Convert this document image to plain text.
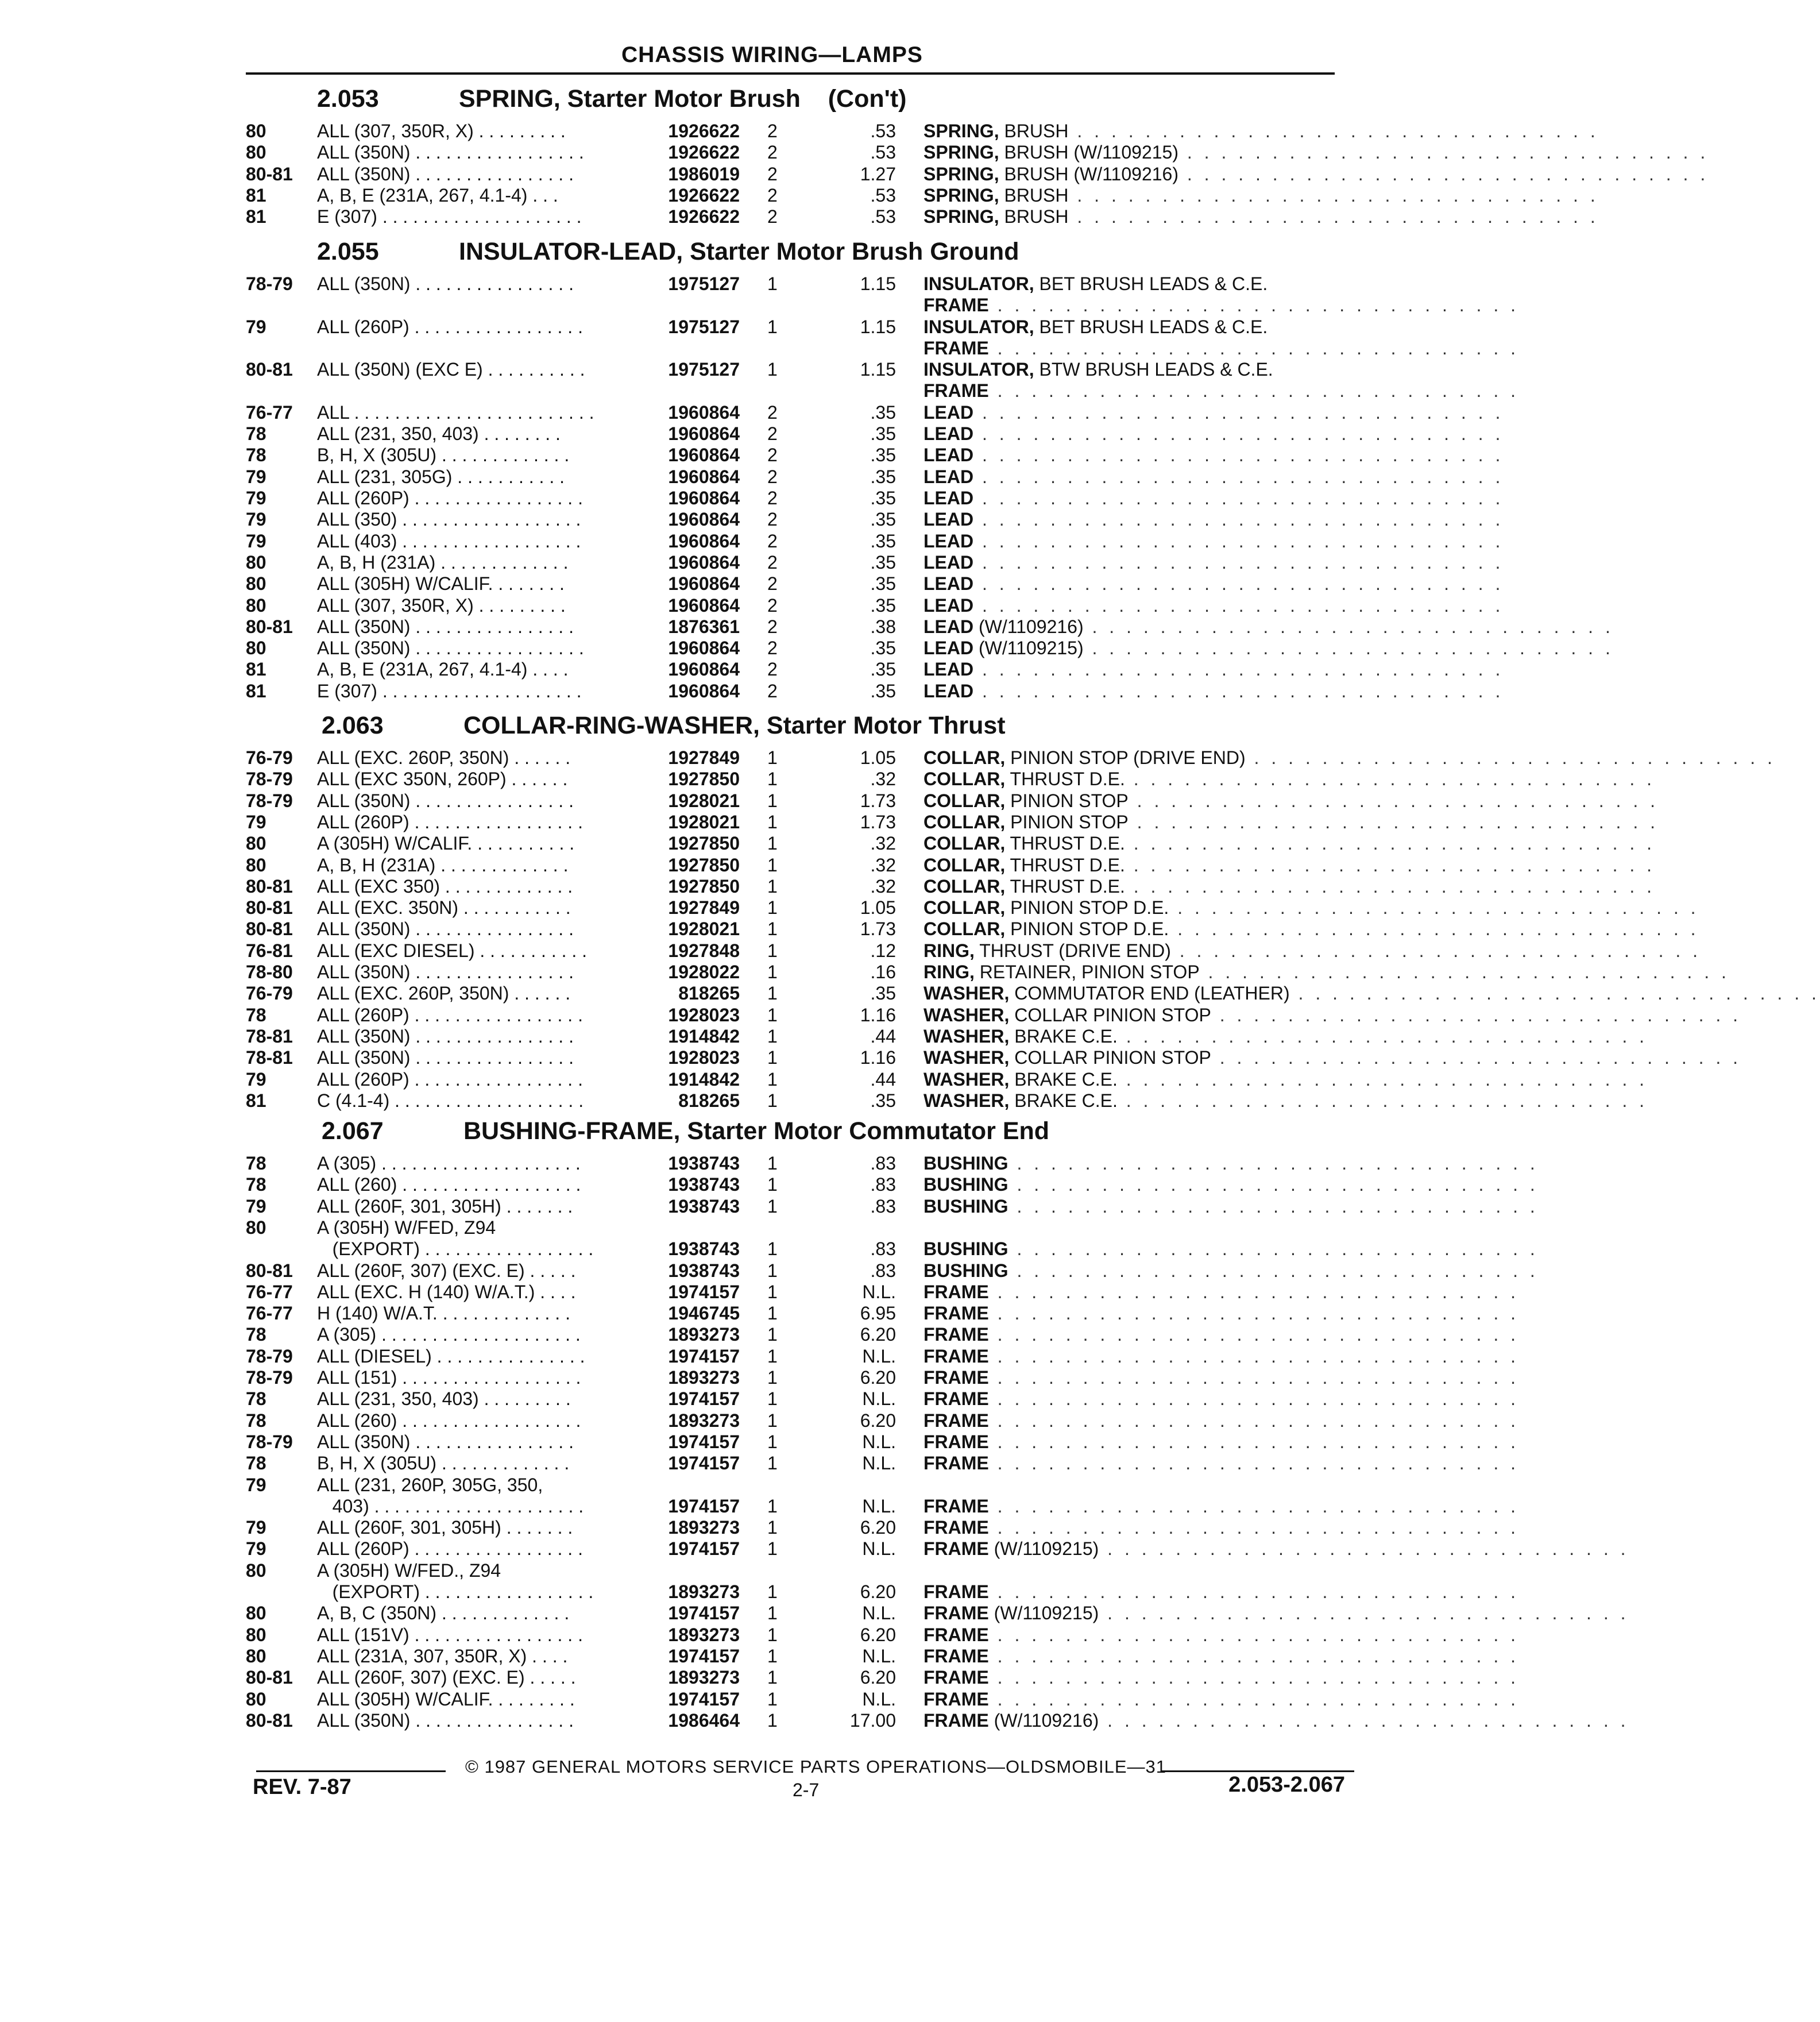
CHASSIS WIRING—LAMPS
2.053	SPRING, Starter Motor Brush    (Con't)
80	ALL (307, 350R, X) . . . . . . . . .	1926622 2	.53 SPRING, BRUSH . . . . . . . . . . . . . . . . . . . . . . . . . . . . . . .
80	ALL (350N) . . . . . . . . . . . . . . . . .	1926622 2	.53 SPRING, BRUSH (W/1109215) . . . . . . . . . . . . . . . . . . . . . . . . . . . . . . .
80-81 ALL (350N) . . . . . . . . . . . . . . . .	1986019 2	1.27 SPRING, BRUSH (W/1109216) . . . . . . . . . . . . . . . . . . . . . . . . . . . . . . .
81	A, B, E (231A, 267, 4.1-4) . . .	1926622 2	.53 SPRING, BRUSH . . . . . . . . . . . . . . . . . . . . . . . . . . . . . . .
81	E (307) . . . . . . . . . . . . . . . . . . . .	1926622 2	.53 SPRING, BRUSH . . . . . . . . . . . . . . . . . . . . . . . . . . . . . . .
2.055	INSULATOR-LEAD, Starter Motor Brush Ground
78-79 ALL (350N) . . . . . . . . . . . . . . . .	1975127 1	1.15 INSULATOR, BET BRUSH LEADS & C.E.
FRAME . . . . . . . . . . . . . . . . . . . . . . . . . . . . . . .
79	ALL (260P) . . . . . . . . . . . . . . . . .	1975127 1	1.15 INSULATOR, BET BRUSH LEADS & C.E.
FRAME . . . . . . . . . . . . . . . . . . . . . . . . . . . . . . .
80-81 ALL (350N) (EXC E) . . . . . . . . . .	1975127 1	1.15 INSULATOR, BTW BRUSH LEADS & C.E.
FRAME . . . . . . . . . . . . . . . . . . . . . . . . . . . . . . .
76-77 ALL . . . . . . . . . . . . . . . . . . . . . . . .	1960864 2	.35 LEAD . . . . . . . . . . . . . . . . . . . . . . . . . . . . . . .
78	ALL (231, 350, 403) . . . . . . . .	1960864 2	.35 LEAD . . . . . . . . . . . . . . . . . . . . . . . . . . . . . . .
78	B, H, X (305U) . . . . . . . . . . . . .	1960864 2	.35 LEAD . . . . . . . . . . . . . . . . . . . . . . . . . . . . . . .
79	ALL (231, 305G) . . . . . . . . . . .	1960864 2	.35 LEAD . . . . . . . . . . . . . . . . . . . . . . . . . . . . . . .
79	ALL (260P) . . . . . . . . . . . . . . . . .	1960864 2	.35 LEAD . . . . . . . . . . . . . . . . . . . . . . . . . . . . . . .
79	ALL (350) . . . . . . . . . . . . . . . . . .	1960864 2	.35 LEAD . . . . . . . . . . . . . . . . . . . . . . . . . . . . . . .
79	ALL (403) . . . . . . . . . . . . . . . . . .	1960864 2	.35 LEAD . . . . . . . . . . . . . . . . . . . . . . . . . . . . . . .
80	A, B, H (231A) . . . . . . . . . . . . .	1960864 2	.35 LEAD . . . . . . . . . . . . . . . . . . . . . . . . . . . . . . .
80	ALL (305H) W/CALIF. . . . . . . .	1960864 2	.35 LEAD . . . . . . . . . . . . . . . . . . . . . . . . . . . . . . .
80	ALL (307, 350R, X) . . . . . . . . .	1960864 2	.35 LEAD . . . . . . . . . . . . . . . . . . . . . . . . . . . . . . .
80-81 ALL (350N) . . . . . . . . . . . . . . . .	1876361 2	.38 LEAD (W/1109216) . . . . . . . . . . . . . . . . . . . . . . . . . . . . . . .
80	ALL (350N) . . . . . . . . . . . . . . . . .	1960864 2	.35 LEAD (W/1109215) . . . . . . . . . . . . . . . . . . . . . . . . . . . . . . .
81	A, B, E (231A, 267, 4.1-4) . . . .	1960864 2	.35 LEAD . . . . . . . . . . . . . . . . . . . . . . . . . . . . . . .
81	E (307) . . . . . . . . . . . . . . . . . . . .	1960864 2	.35 LEAD . . . . . . . . . . . . . . . . . . . . . . . . . . . . . . .
2.063	COLLAR-RING-WASHER, Starter Motor Thrust
76-79 ALL (EXC. 260P, 350N) . . . . . .	1927849 1	1.05 COLLAR, PINION STOP (DRIVE END) . . . . . . . . . . . . . . . . . . . . . . . . . . . . . . .
78-79 ALL (EXC 350N, 260P) . . . . . .	1927850 1	.32 COLLAR, THRUST D.E. . . . . . . . . . . . . . . . . . . . . . . . . . . . . . . .
78-79 ALL (350N) . . . . . . . . . . . . . . . .	1928021 1	1.73 COLLAR, PINION STOP . . . . . . . . . . . . . . . . . . . . . . . . . . . . . . .
79	ALL (260P) . . . . . . . . . . . . . . . . .	1928021 1	1.73 COLLAR, PINION STOP . . . . . . . . . . . . . . . . . . . . . . . . . . . . . . .
80	A (305H) W/CALIF. . . . . . . . . . .	1927850 1	.32 COLLAR, THRUST D.E. . . . . . . . . . . . . . . . . . . . . . . . . . . . . . . .
80	A, B, H (231A) . . . . . . . . . . . . .	1927850 1	.32 COLLAR, THRUST D.E. . . . . . . . . . . . . . . . . . . . . . . . . . . . . . . .
80-81 ALL (EXC 350) . . . . . . . . . . . . .	1927850 1	.32 COLLAR, THRUST D.E. . . . . . . . . . . . . . . . . . . . . . . . . . . . . . . .
80-81 ALL (EXC. 350N) . . . . . . . . . . .	1927849 1	1.05 COLLAR, PINION STOP D.E. . . . . . . . . . . . . . . . . . . . . . . . . . . . . . . .
80-81 ALL (350N) . . . . . . . . . . . . . . . .	1928021 1	1.73 COLLAR, PINION STOP D.E. . . . . . . . . . . . . . . . . . . . . . . . . . . . . . . .
76-81 ALL (EXC DIESEL) . . . . . . . . . . .	1927848 1	.12 RING, THRUST (DRIVE END) . . . . . . . . . . . . . . . . . . . . . . . . . . . . . . .
78-80 ALL (350N) . . . . . . . . . . . . . . . .	1928022 1	.16 RING, RETAINER, PINION STOP . . . . . . . . . . . . . . . . . . . . . . . . . . . . . . .
76-79 ALL (EXC. 260P, 350N) . . . . . .	818265 1	.35 WASHER, COMMUTATOR END (LEATHER) . . . . . . . . . . . . . . . . . . . . . . . . . . . . . . .
78	ALL (260P) . . . . . . . . . . . . . . . . .	1928023 1	1.16 WASHER, COLLAR PINION STOP . . . . . . . . . . . . . . . . . . . . . . . . . . . . . . .
78-81 ALL (350N) . . . . . . . . . . . . . . . .	1914842 1	.44 WASHER, BRAKE C.E. . . . . . . . . . . . . . . . . . . . . . . . . . . . . . . .
78-81 ALL (350N) . . . . . . . . . . . . . . . .	1928023 1	1.16 WASHER, COLLAR PINION STOP . . . . . . . . . . . . . . . . . . . . . . . . . . . . . . .
79	ALL (260P) . . . . . . . . . . . . . . . . .	1914842 1	.44 WASHER, BRAKE C.E. . . . . . . . . . . . . . . . . . . . . . . . . . . . . . . .
81	C (4.1-4) . . . . . . . . . . . . . . . . . . .	818265 1	.35 WASHER, BRAKE C.E. . . . . . . . . . . . . . . . . . . . . . . . . . . . . . . .
2.067	BUSHING-FRAME, Starter Motor Commutator End
78	A (305) . . . . . . . . . . . . . . . . . . . .	1938743 1	.83 BUSHING . . . . . . . . . . . . . . . . . . . . . . . . . . . . . . .
78	ALL (260) . . . . . . . . . . . . . . . . . .	1938743 1	.83 BUSHING . . . . . . . . . . . . . . . . . . . . . . . . . . . . . . .
79	ALL (260F, 301, 305H) . . . . . . .	1938743 1	.83 BUSHING . . . . . . . . . . . . . . . . . . . . . . . . . . . . . . .
80	A (305H) W/FED, Z94
(EXPORT) . . . . . . . . . . . . . . . . .	1938743 1	.83 BUSHING . . . . . . . . . . . . . . . . . . . . . . . . . . . . . . .
80-81 ALL (260F, 307) (EXC. E) . . . . .	1938743 1	.83 BUSHING . . . . . . . . . . . . . . . . . . . . . . . . . . . . . . .
76-77 ALL (EXC. H (140) W/A.T.) . . . .	1974157 1	N.L. FRAME . . . . . . . . . . . . . . . . . . . . . . . . . . . . . . .
76-77 H (140) W/A.T. . . . . . . . . . . . . .	1946745 1	6.95 FRAME . . . . . . . . . . . . . . . . . . . . . . . . . . . . . . .
78	A (305) . . . . . . . . . . . . . . . . . . . .	1893273 1	6.20 FRAME . . . . . . . . . . . . . . . . . . . . . . . . . . . . . . .
78-79 ALL (DIESEL) . . . . . . . . . . . . . . .	1974157 1	N.L. FRAME . . . . . . . . . . . . . . . . . . . . . . . . . . . . . . .
78-79 ALL (151) . . . . . . . . . . . . . . . . . .	1893273 1	6.20 FRAME . . . . . . . . . . . . . . . . . . . . . . . . . . . . . . .
78	ALL (231, 350, 403) . . . . . . . . .	1974157 1	N.L. FRAME . . . . . . . . . . . . . . . . . . . . . . . . . . . . . . .
78	ALL (260) . . . . . . . . . . . . . . . . . .	1893273 1	6.20 FRAME . . . . . . . . . . . . . . . . . . . . . . . . . . . . . . .
78-79 ALL (350N) . . . . . . . . . . . . . . . .	1974157 1	N.L. FRAME . . . . . . . . . . . . . . . . . . . . . . . . . . . . . . .
78	B, H, X (305U) . . . . . . . . . . . . .	1974157 1	N.L. FRAME . . . . . . . . . . . . . . . . . . . . . . . . . . . . . . .
79	ALL (231, 260P, 305G, 350,
403) . . . . . . . . . . . . . . . . . . . . .	1974157 1	N.L. FRAME . . . . . . . . . . . . . . . . . . . . . . . . . . . . . . .
79	ALL (260F, 301, 305H) . . . . . . .	1893273 1	6.20 FRAME . . . . . . . . . . . . . . . . . . . . . . . . . . . . . . .
79	ALL (260P) . . . . . . . . . . . . . . . . .	1974157 1	N.L. FRAME (W/1109215) . . . . . . . . . . . . . . . . . . . . . . . . . . . . . . .
80	A (305H) W/FED., Z94
(EXPORT) . . . . . . . . . . . . . . . . .	1893273 1	6.20 FRAME . . . . . . . . . . . . . . . . . . . . . . . . . . . . . . .
80	A, B, C (350N) . . . . . . . . . . . . .	1974157 1	N.L. FRAME (W/1109215) . . . . . . . . . . . . . . . . . . . . . . . . . . . . . . .
80	ALL (151V) . . . . . . . . . . . . . . . . .	1893273 1	6.20 FRAME . . . . . . . . . . . . . . . . . . . . . . . . . . . . . . .
80	ALL (231A, 307, 350R, X) . . . .	1974157 1	N.L. FRAME . . . . . . . . . . . . . . . . . . . . . . . . . . . . . . .
80-81 ALL (260F, 307) (EXC. E) . . . . .	1893273 1	6.20 FRAME . . . . . . . . . . . . . . . . . . . . . . . . . . . . . . .
80	ALL (305H) W/CALIF. . . . . . . . .	1974157 1	N.L. FRAME . . . . . . . . . . . . . . . . . . . . . . . . . . . . . . .
80-81 ALL (350N) . . . . . . . . . . . . . . . .	1986464 1	17.00 FRAME (W/1109216) . . . . . . . . . . . . . . . . . . . . . . . . . . . . . . .
© 1987 GENERAL MOTORS SERVICE PARTS OPERATIONS—OLDSMOBILE—31
REV. 7-87	2-7	2.053-2.067
